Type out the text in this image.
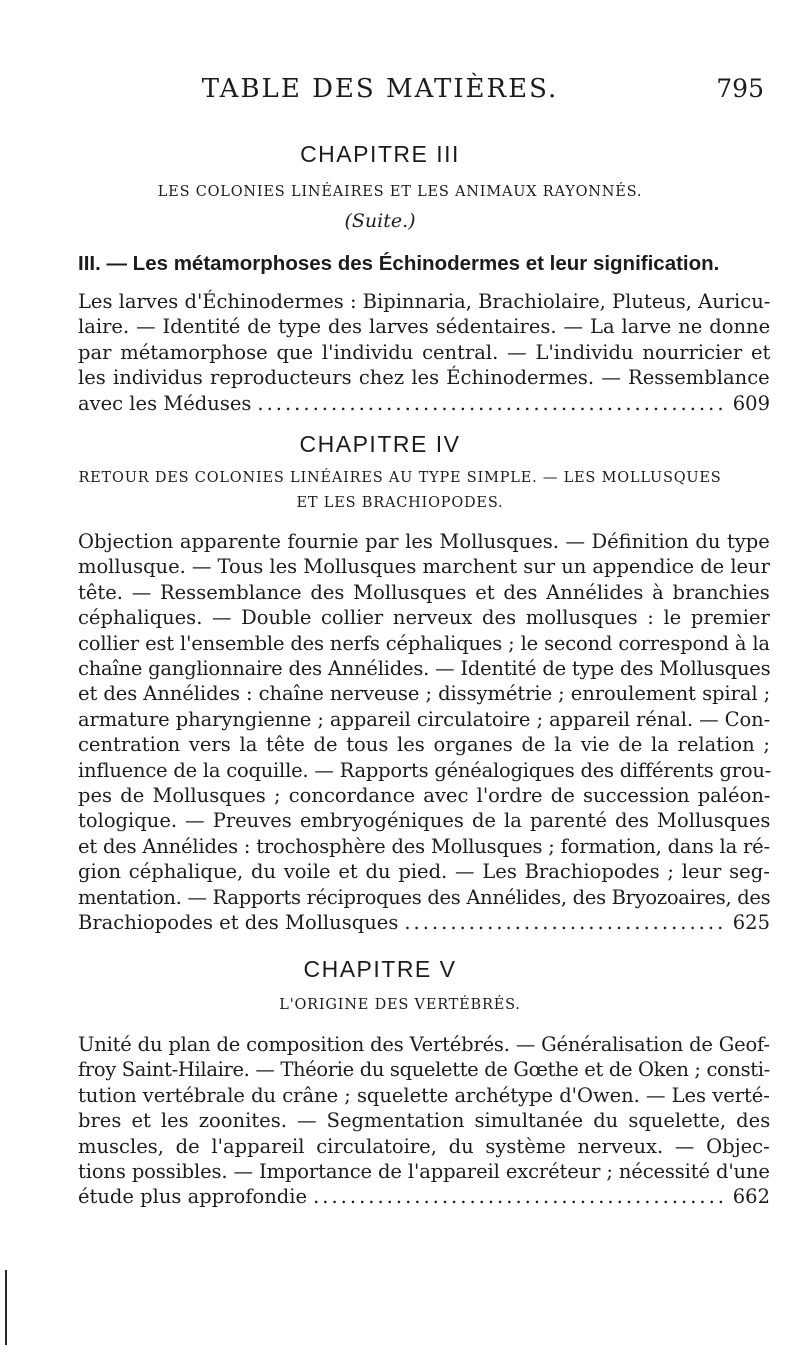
TABLE DES MATIÈRES.	795
CHAPITRE III
LES COLONIES LINÉAIRES ET LES ANIMAUX RAYONNÉS.
(Suite.)
III. — Les métamorphoses des Échinodermes et leur signification.
Les larves d'Échinodermes : Bipinnaria, Brachiolaire, Pluteus, Auricu-
laire. — Identité de type des larves sédentaires. — La larve ne donne
par métamorphose que l'individu central. — L'individu nourricier et
les individus reproducteurs chez les Échinodermes. — Ressemblance
avec les Méduses .....	609
CHAPITRE IV
RETOUR DES COLONIES LINÉAIRES AU TYPE SIMPLE. — LES MOLLUSQUES
ET LES BRACHIOPODES.
Objection apparente fournie par les Mollusques. — Définition du type
mollusque. — Tous les Mollusques marchent sur un appendice de leur
tête. — Ressemblance des Mollusques et des Annélides à branchies
céphaliques. — Double collier nerveux des mollusques : le premier
collier est l'ensemble des nerfs céphaliques ; le second correspond à la
chaîne ganglionnaire des Annélides. — Identité de type des Mollusques
et des Annélides : chaîne nerveuse ; dissymétrie ; enroulement spiral ;
armature pharyngienne ; appareil circulatoire ; appareil rénal. — Con-
centration vers la tête de tous les organes de la vie de la relation ;
influence de la coquille. — Rapports généalogiques des différents grou-
pes de Mollusques ; concordance avec l'ordre de succession paléon-
tologique. — Preuves embryogéniques de la parenté des Mollusques
et des Annélides : trochosphère des Mollusques ; formation, dans la ré-
gion céphalique, du voile et du pied. — Les Brachiopodes ; leur seg-
mentation. — Rapports réciproques des Annélides, des Bryozoaires, des
Brachiopodes et des Mollusques .....	625
CHAPITRE V
L'ORIGINE DES VERTÉBRÉS.
Unité du plan de composition des Vertébrés. — Généralisation de Geof-
froy Saint-Hilaire. — Théorie du squelette de Gœthe et de Oken ; consti-
tution vertébrale du crâne ; squelette archétype d'Owen. — Les verté-
bres et les zoonites. — Segmentation simultanée du squelette, des
muscles, de l'appareil circulatoire, du système nerveux. — Objec-
tions possibles. — Importance de l'appareil excréteur ; nécessité d'une
étude plus approfondie .....	662
